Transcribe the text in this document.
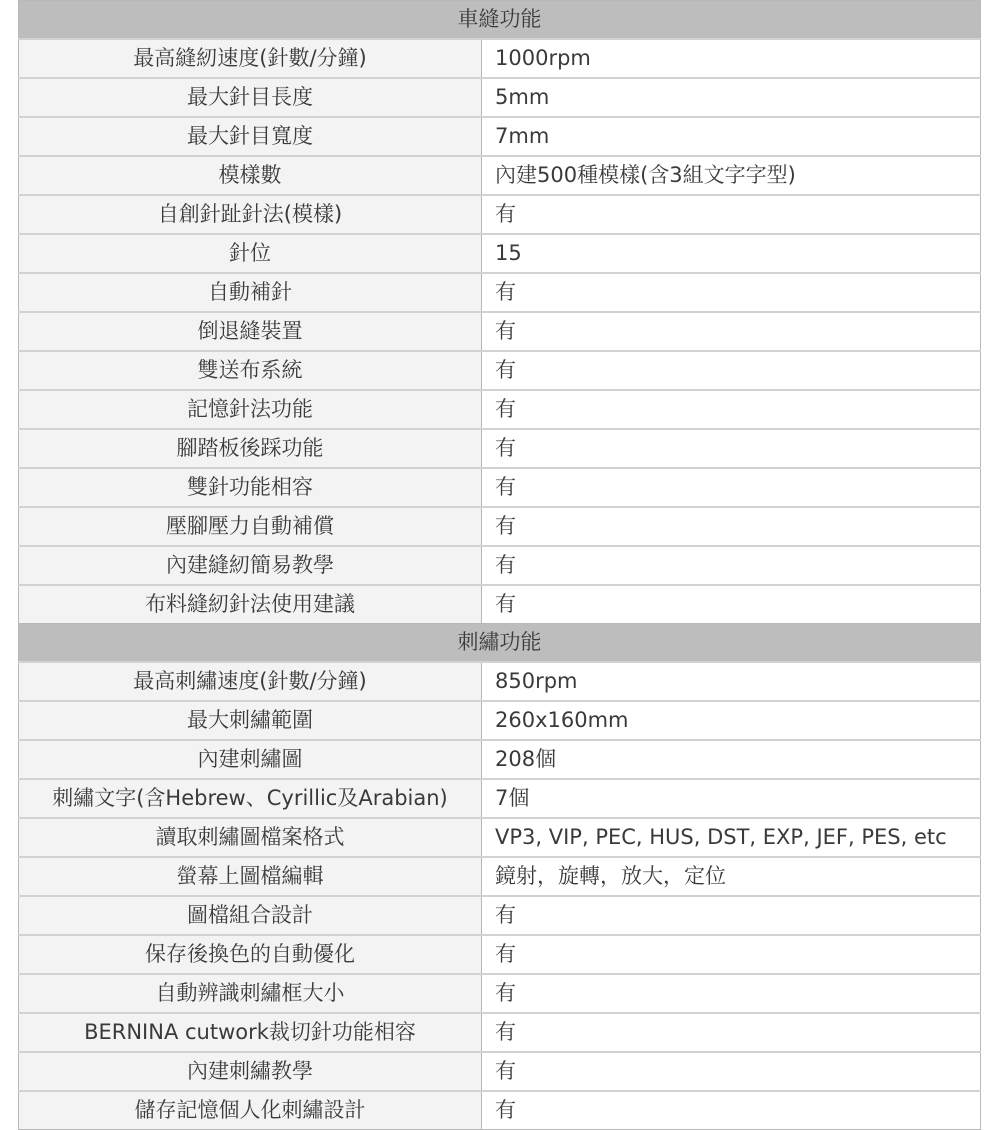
車縫功能	
最高縫紉速度(針數/分鐘)	1000rpm
最大針目長度	5mm
最大針目寬度	7mm
模樣數	內建500種模樣(含3組文字字型)
自創針趾針法(模樣)	有
針位	15
自動補針	有
倒退縫裝置	有
雙送布系統	有
記憶針法功能	有
腳踏板後踩功能	有
雙針功能相容	有
壓腳壓力自動補償	有
內建縫紉簡易教學	有
布料縫紉針法使用建議	有
刺繡功能	
最高刺繡速度(針數/分鐘)	850rpm
最大刺繡範圍	260x160mm
內建刺繡圖	208個
刺繡文字(含Hebrew、Cyrillic及Arabian)	7個
讀取刺繡圖檔案格式	VP3, VIP, PEC, HUS, DST, EXP, JEF, PES, etc
螢幕上圖檔編輯	鏡射，旋轉，放大，定位
圖檔組合設計	有
保存後換色的自動優化	有
自動辨識刺繡框大小	有
BERNINA cutwork裁切針功能相容	有
內建刺繡教學	有
儲存記憶個人化刺繡設計	有
